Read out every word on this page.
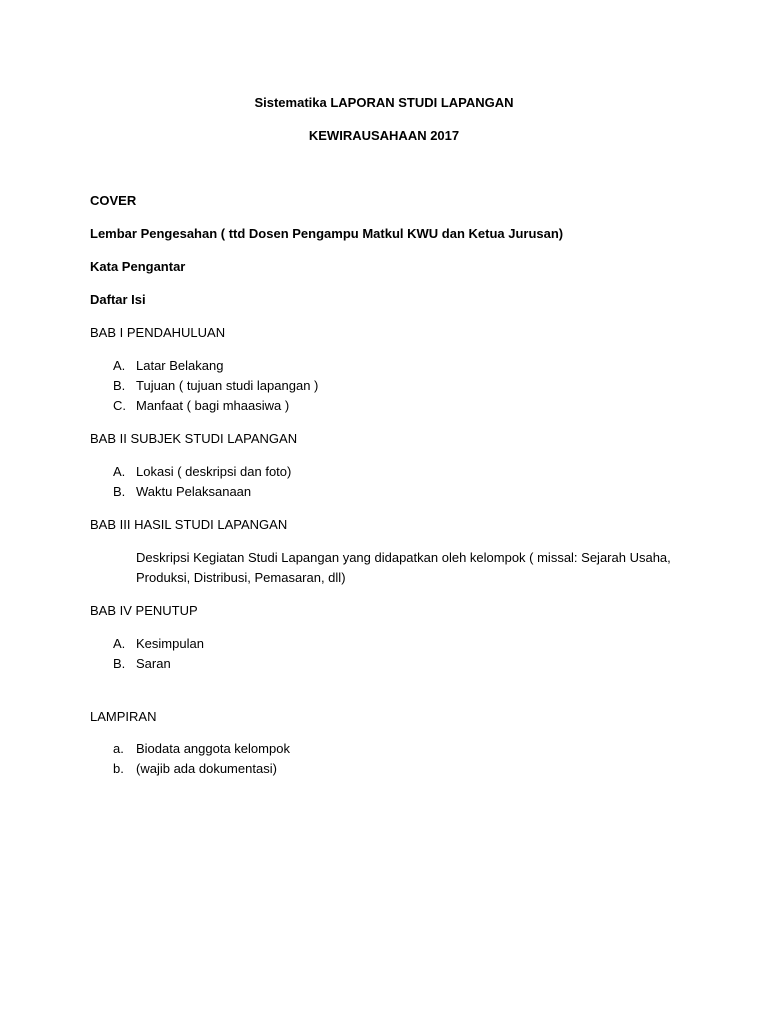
Sistematika LAPORAN STUDI LAPANGAN
KEWIRAUSAHAAN 2017
COVER
Lembar Pengesahan ( ttd Dosen Pengampu Matkul KWU dan Ketua Jurusan)
Kata Pengantar
Daftar Isi
BAB I PENDAHULUAN
A. Latar Belakang
B. Tujuan ( tujuan studi lapangan )
C. Manfaat ( bagi mhaasiwa )
BAB II SUBJEK STUDI LAPANGAN
A. Lokasi ( deskripsi dan foto)
B. Waktu Pelaksanaan
BAB III HASIL STUDI LAPANGAN
Deskripsi Kegiatan Studi Lapangan yang didapatkan oleh kelompok ( missal: Sejarah Usaha,
Produksi, Distribusi, Pemasaran, dll)
BAB IV PENUTUP
A. Kesimpulan
B. Saran
LAMPIRAN
a. Biodata anggota kelompok
b. (wajib ada dokumentasi)
